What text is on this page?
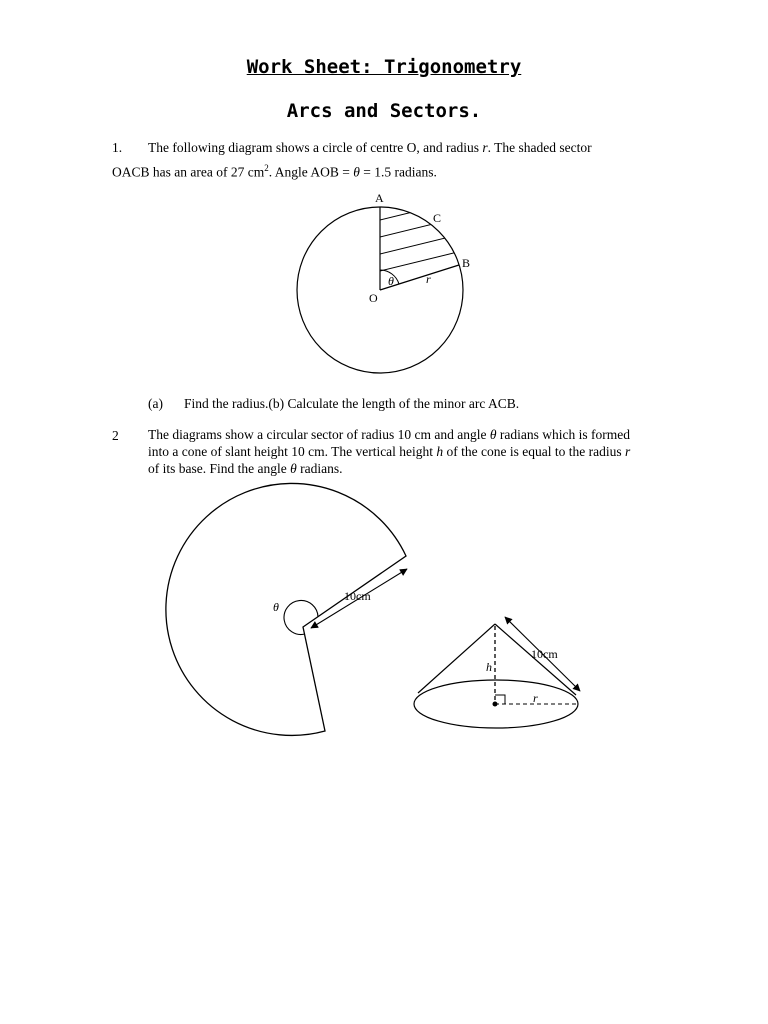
Work Sheet: Trigonometry
Arcs and Sectors.
1. The following diagram shows a circle of centre O, and radius r. The shaded sector OACB has an area of 27 $cm^2$. Angle AOB = θ = 1.5 radians.
A
C
B
O
θ	r
(a) Find the radius.(b) Calculate the length of the minor arc ACB.
2 The diagrams show a circular sector of radius 10 cm and angle θ radians which is formed into a cone of slant height 10 cm. The vertical height h of the cone is equal to the radius r of its base. Find the angle θ radians.
θ
10cm
10cm
h
r
